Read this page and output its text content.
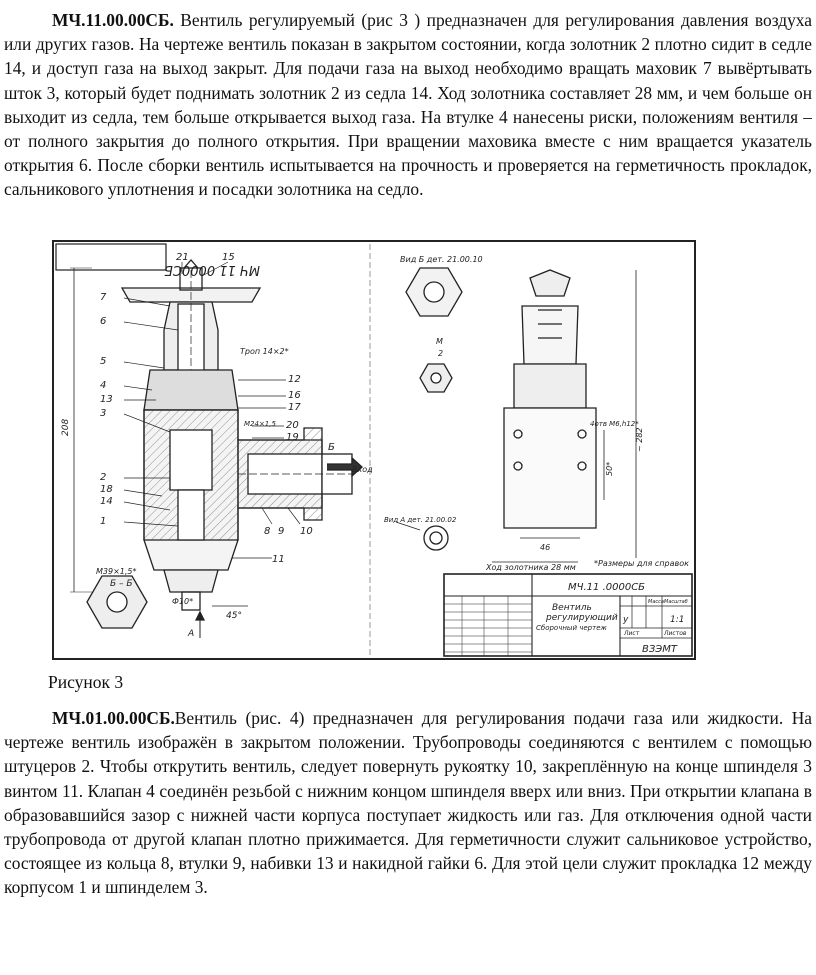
МЧ.11.00.00СБ. Вентиль регулируемый (рис 3 ) предназначен для регулирования давления воздуха или других газов. На чертеже вентиль показан в закрытом состоянии, когда золотник 2 плотно сидит в седле 14, и доступ газа на выход закрыт. Для подачи газа на выход необходимо вращать маховик 7 вывёртывать шток 3, который будет поднимать золотник 2 из седла 14. Ход золотника составляет 28 мм, и чем больше он выходит из седла, тем больше открывается выход газа. На втулке 4 нанесены риски, положениям вентиля – от полного закрытия до полного открытия. При вращении маховика вместе с ним вращается указатель открытия 6. После сборки вентиль испытывается на прочность и проверяется на герметичность прокладок, сальникового уплотнения и посадки золотника на седло.

МЧ 11 0000СБ
7
6
5
4
13
3
2
18
14
1
21	15
12
16
17
20
19
8 9 10
11
Троп 14×2*
М24×1,5
М39×1,5*
Б – Б
Ф10*
45°
Б
Вход
А
208
Вид Б дет. 21.00.10
М
2
Вид А дет. 21.00.02
4отв М6,h12*
~ 282
50*
46
Ход золотника 28 мм *Размеры для справок
МЧ.11 .0000СБ
Вентиль
регулирующий
Сборочный чертеж
у
Масса Масштаб
1:1
Лист	Листов
ВЗЭМТ
Рисунок 3

МЧ.01.00.00СБ.Вентиль (рис. 4) предназначен для регулирования подачи газа или жидкости. На чертеже вентиль изображён в закрытом положении. Трубопроводы соединяются с вентилем с помощью штуцеров 2. Чтобы открутить вентиль, следует повернуть рукоятку 10, закреплённую на конце шпинделя 3 винтом 11. Клапан 4 соединён резьбой с нижним концом шпинделя вверх или вниз. При открытии клапана в образовавшийся зазор с нижней части корпуса поступает жидкость или газ. Для отключения одной части трубопровода от другой клапан плотно прижимается. Для герметичности служит сальниковое устройство, состоящее из кольца 8, втулки 9, набивки 13 и накидной гайки 6. Для этой цели служит прокладка 12 между корпусом 1 и шпинделем 3.
